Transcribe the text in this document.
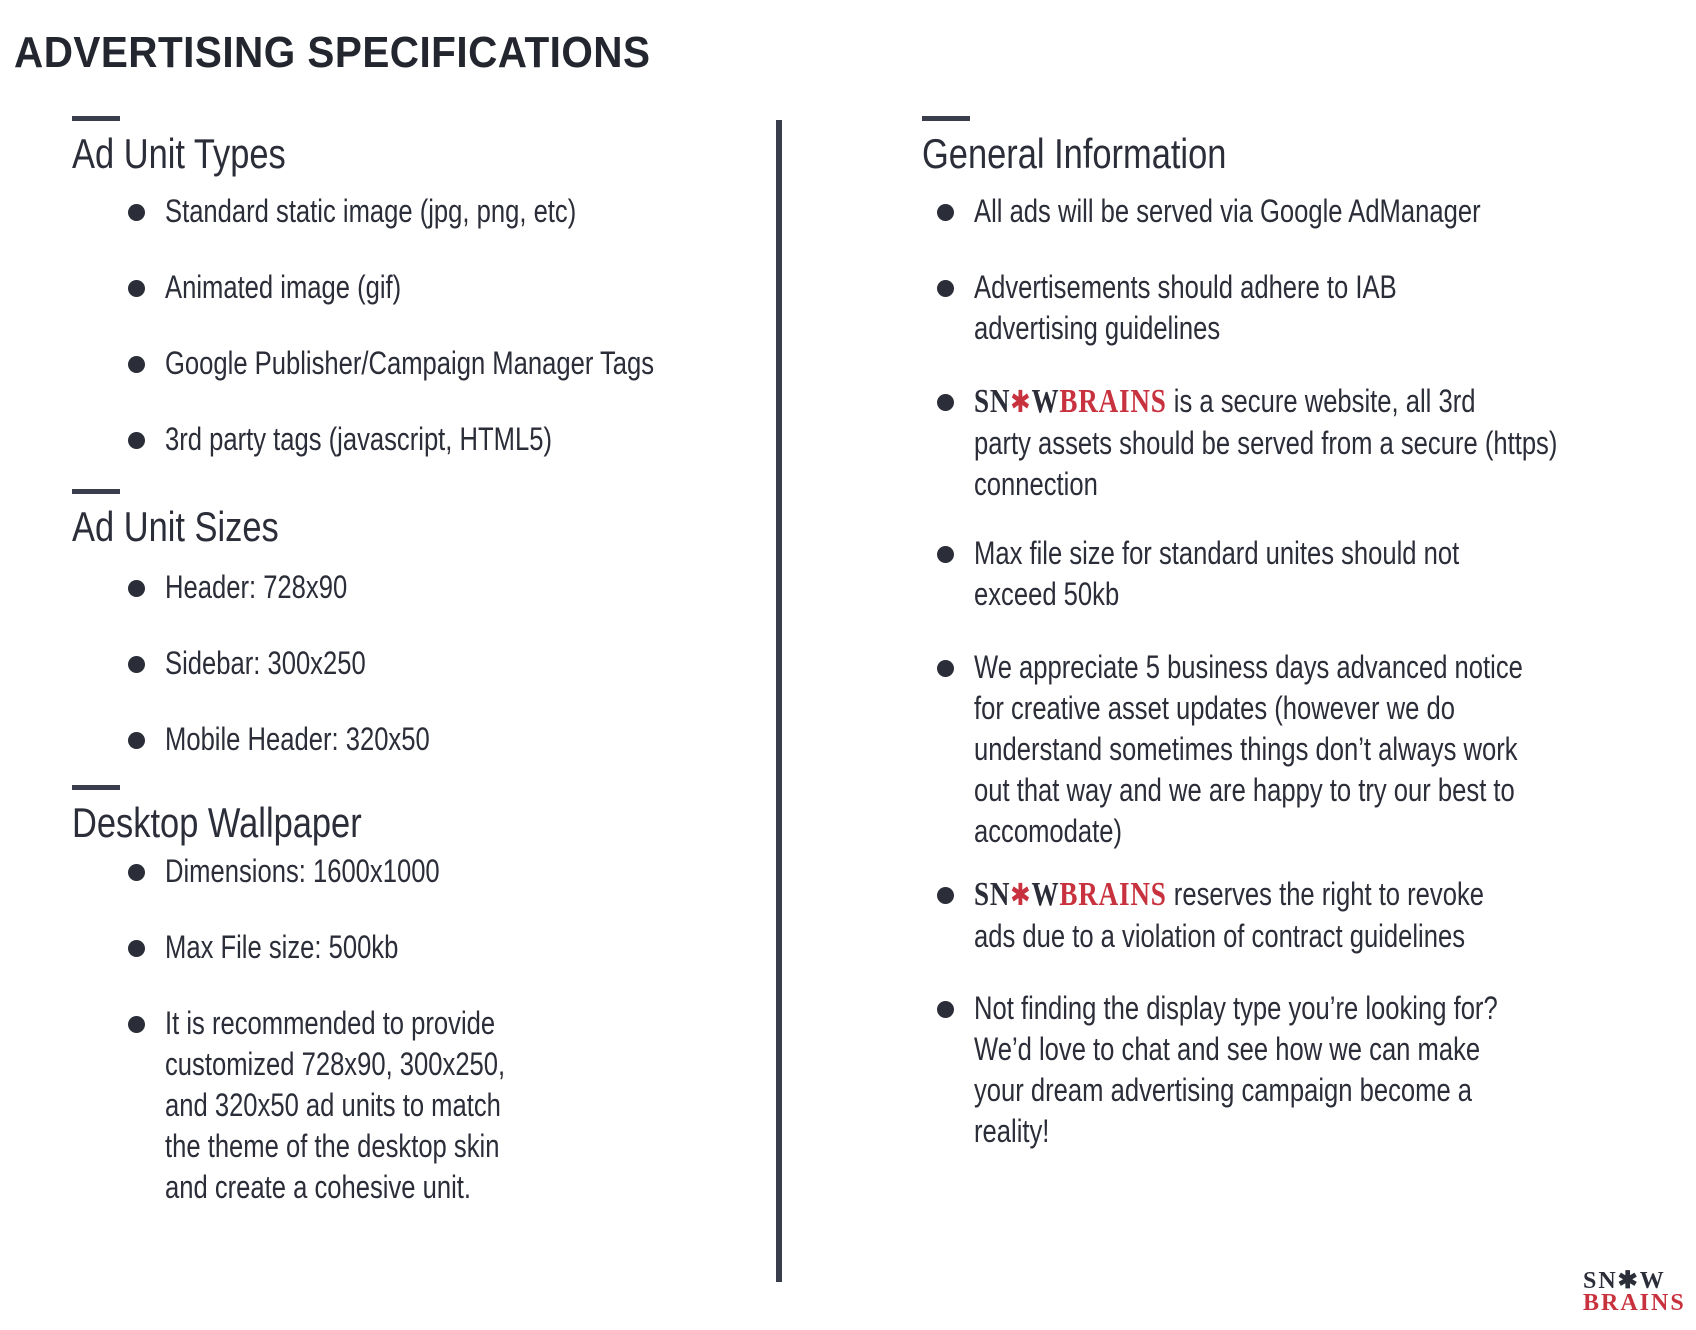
ADVERTISING SPECIFICATIONS
Ad Unit Types
Standard static image (jpg, png, etc)
Animated image (gif)
Google Publisher/Campaign Manager Tags
3rd party tags (javascript, HTML5)
Ad Unit Sizes
Header: 728x90
Sidebar: 300x250
Mobile Header: 320x50
Desktop Wallpaper
Dimensions: 1600x1000
Max File size: 500kb
It is recommended to provide
customized 728x90, 300x250,
and 320x50 ad units to match
the theme of the desktop skin
and create a cohesive unit.
General Information
All ads will be served via Google AdManager
Advertisements should adhere to IAB
advertising guidelines
SN✱WBRAINS is a secure website, all 3rd
party assets should be served from a secure (https)
connection
Max file size for standard unites should not
exceed 50kb
We appreciate 5 business days advanced notice
for creative asset updates (however we do
understand sometimes things don’t always work
out that way and we are happy to try our best to
accomodate)
SN✱WBRAINS reserves the right to revoke
ads due to a violation of contract guidelines
Not finding the display type you’re looking for?
We’d love to chat and see how we can make
your dream advertising campaign become a
reality!
SN✱W
BRAINS
